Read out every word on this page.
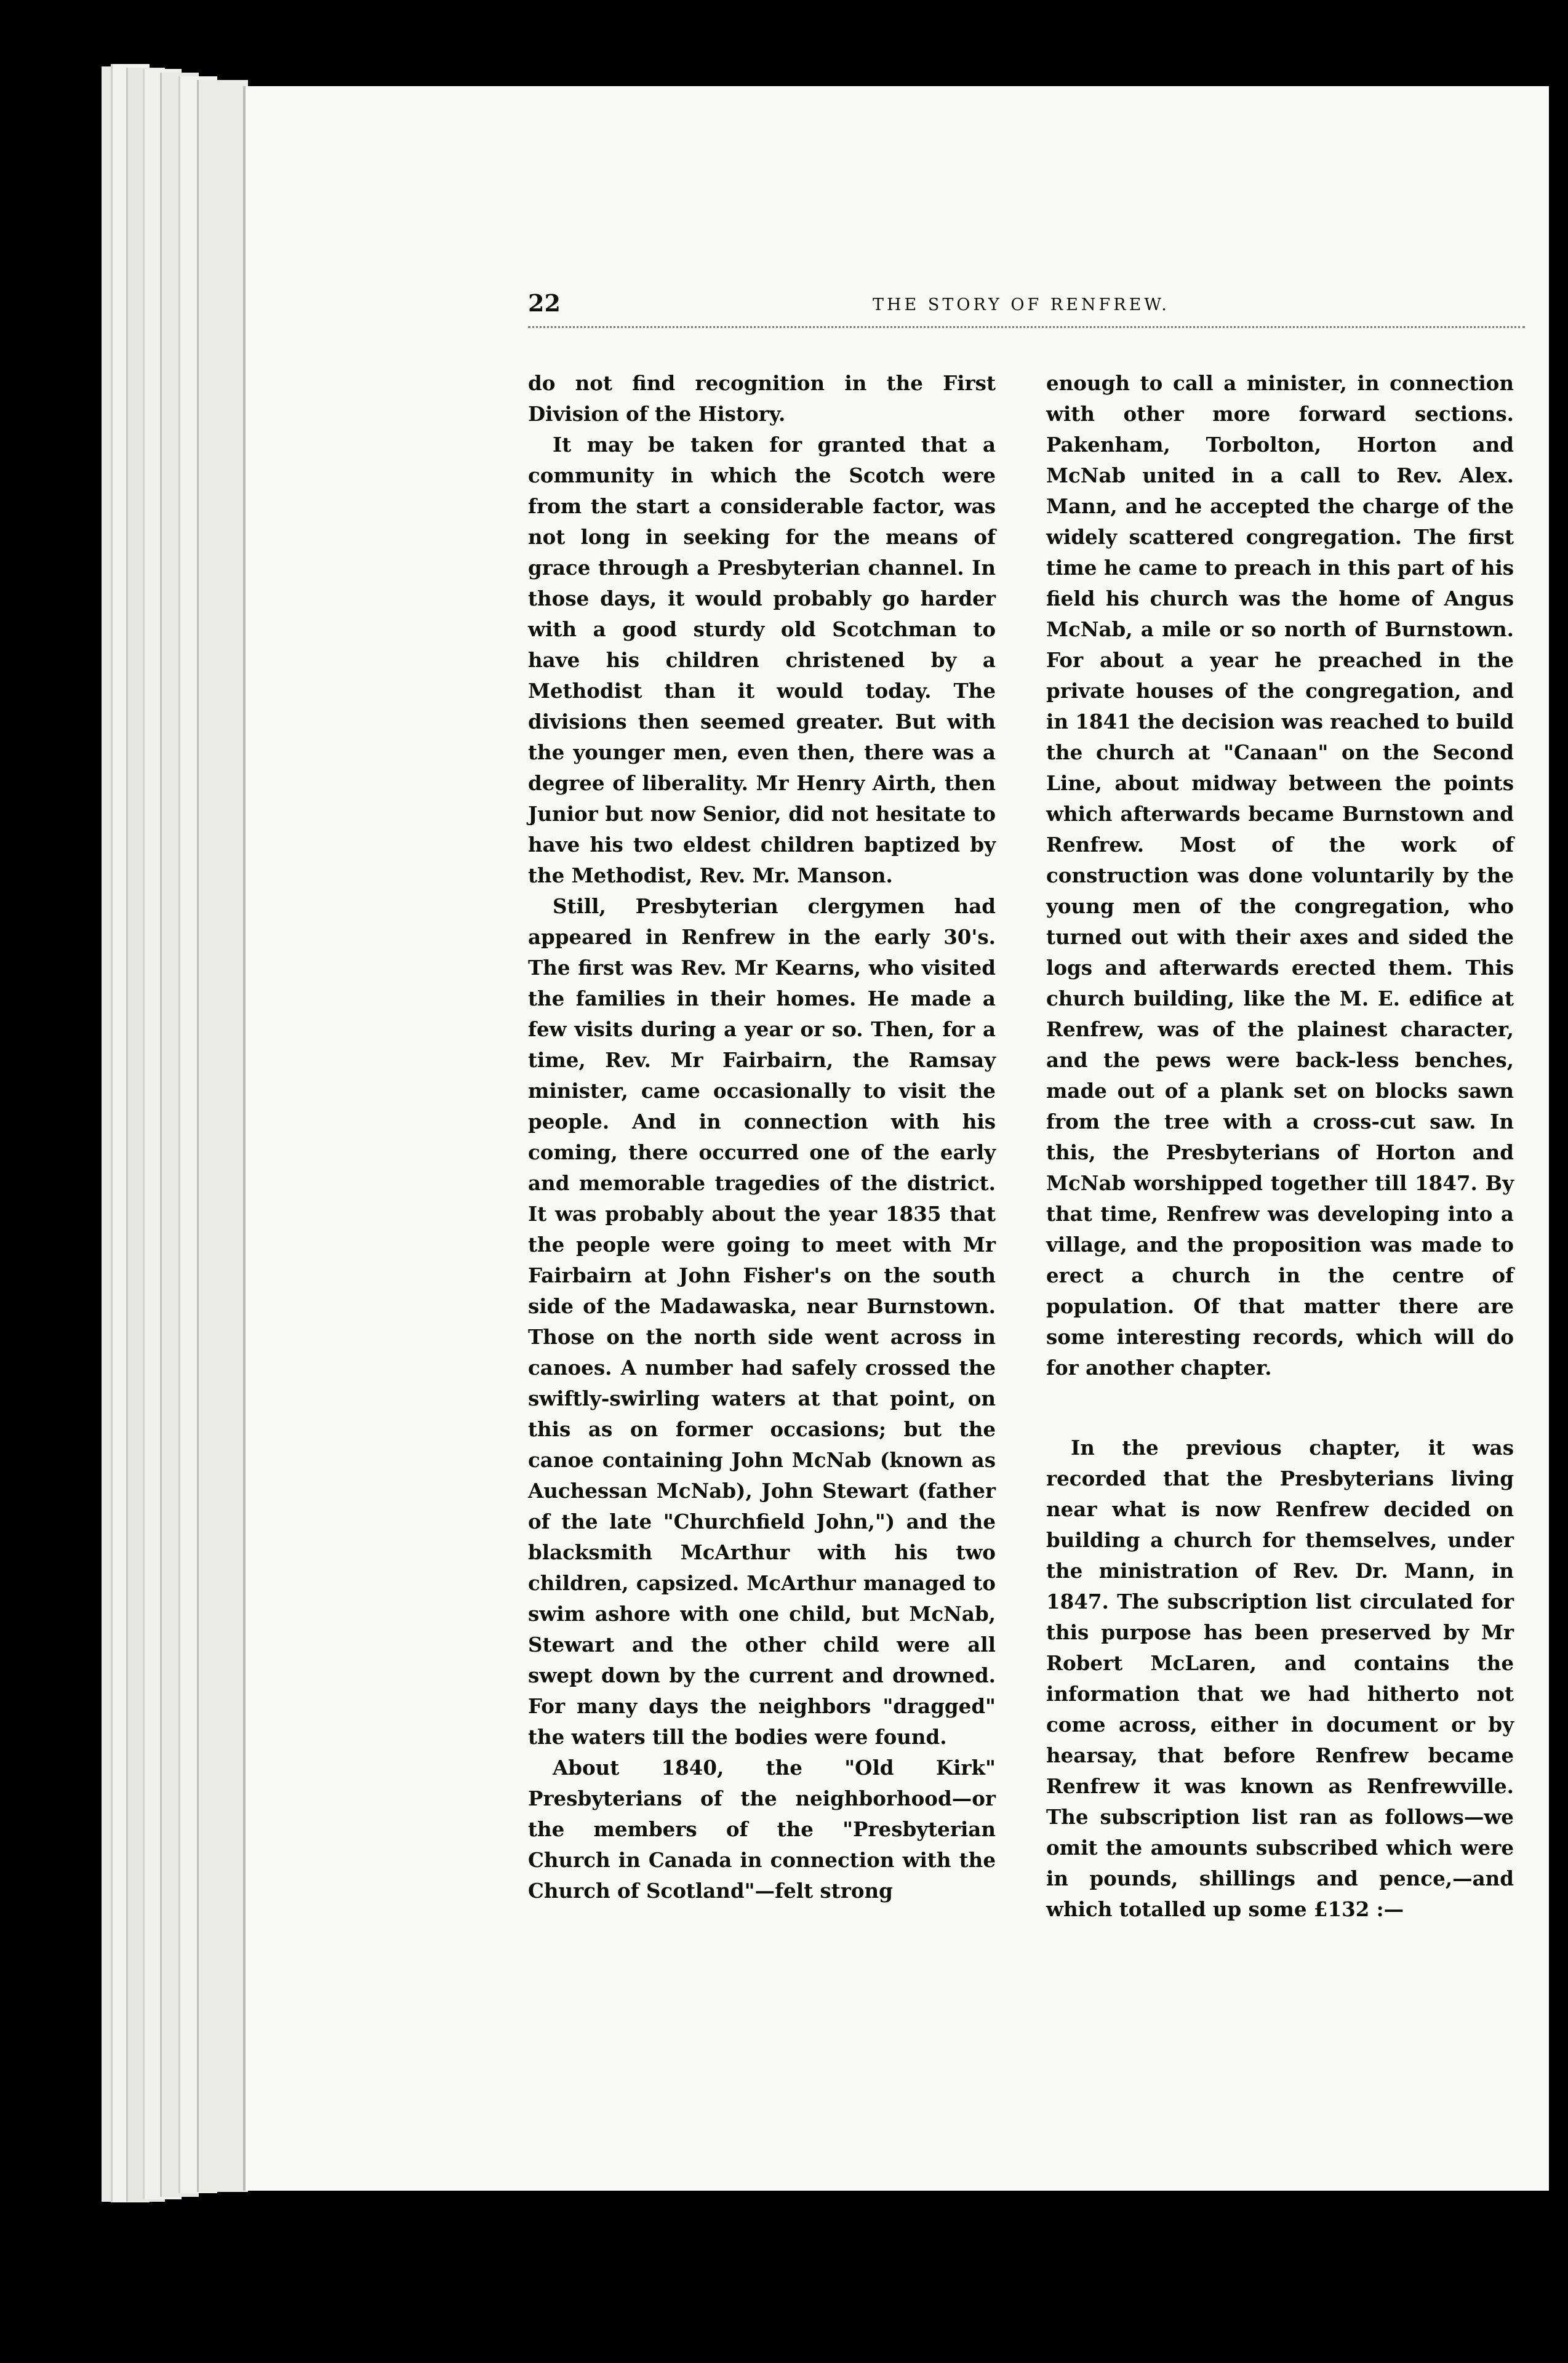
22	THE STORY OF RENFREW.

do not find recognition in the First Division of the History.

It may be taken for granted that a community in which the Scotch were from the start a considerable factor, was not long in seeking for the means of grace through a Presbyterian channel. In those days, it would probably go harder with a good sturdy old Scotchman to have his children christened by a Methodist than it would today. The divisions then seemed greater. But with the younger men, even then, there was a degree of liberality. Mr Henry Airth, then Junior but now Senior, did not hesitate to have his two eldest children baptized by the Methodist, Rev. Mr. Manson.

Still, Presbyterian clergymen had appeared in Renfrew in the early 30's. The first was Rev. Mr Kearns, who visited the families in their homes. He made a few visits during a year or so. Then, for a time, Rev. Mr Fairbairn, the Ramsay minister, came occasionally to visit the people. And in connection with his coming, there occurred one of the early and memorable tragedies of the district. It was probably about the year 1835 that the people were going to meet with Mr Fairbairn at John Fisher's on the south side of the Madawaska, near Burnstown. Those on the north side went across in canoes. A number had safely crossed the swiftly-swirling waters at that point, on this as on former occasions; but the canoe containing John McNab (known as Auchessan McNab), John Stewart (father of the late "Churchfield John,") and the blacksmith McArthur with his two children, capsized. McArthur managed to swim ashore with one child, but McNab, Stewart and the other child were all swept down by the current and drowned. For many days the neighbors "dragged" the waters till the bodies were found.

About 1840, the "Old Kirk" Presbyterians of the neighborhood—or the members of the "Presbyterian Church in Canada in connection with the Church of Scotland"—felt strong

enough to call a minister, in connection with other more forward sections. Pakenham, Torbolton, Horton and McNab united in a call to Rev. Alex. Mann, and he accepted the charge of the widely scattered congregation. The first time he came to preach in this part of his field his church was the home of Angus McNab, a mile or so north of Burnstown. For about a year he preached in the private houses of the congregation, and in 1841 the decision was reached to build the church at "Canaan" on the Second Line, about midway between the points which afterwards became Burnstown and Renfrew. Most of the work of construction was done voluntarily by the young men of the congregation, who turned out with their axes and sided the logs and afterwards erected them. This church building, like the M. E. edifice at Renfrew, was of the plainest character, and the pews were back-less benches, made out of a plank set on blocks sawn from the tree with a cross-cut saw. In this, the Presbyterians of Horton and McNab worshipped together till 1847. By that time, Renfrew was developing into a village, and the proposition was made to erect a church in the centre of population. Of that matter there are some interesting records, which will do for another chapter.

In the previous chapter, it was recorded that the Presbyterians living near what is now Renfrew decided on building a church for themselves, under the ministration of Rev. Dr. Mann, in 1847. The subscription list circulated for this purpose has been preserved by Mr Robert McLaren, and contains the information that we had hitherto not come across, either in document or by hearsay, that before Renfrew became Renfrew it was known as Renfrewville. The subscription list ran as follows—we omit the amounts subscribed which were in pounds, shillings and pence,—and which totalled up some £132 :—
